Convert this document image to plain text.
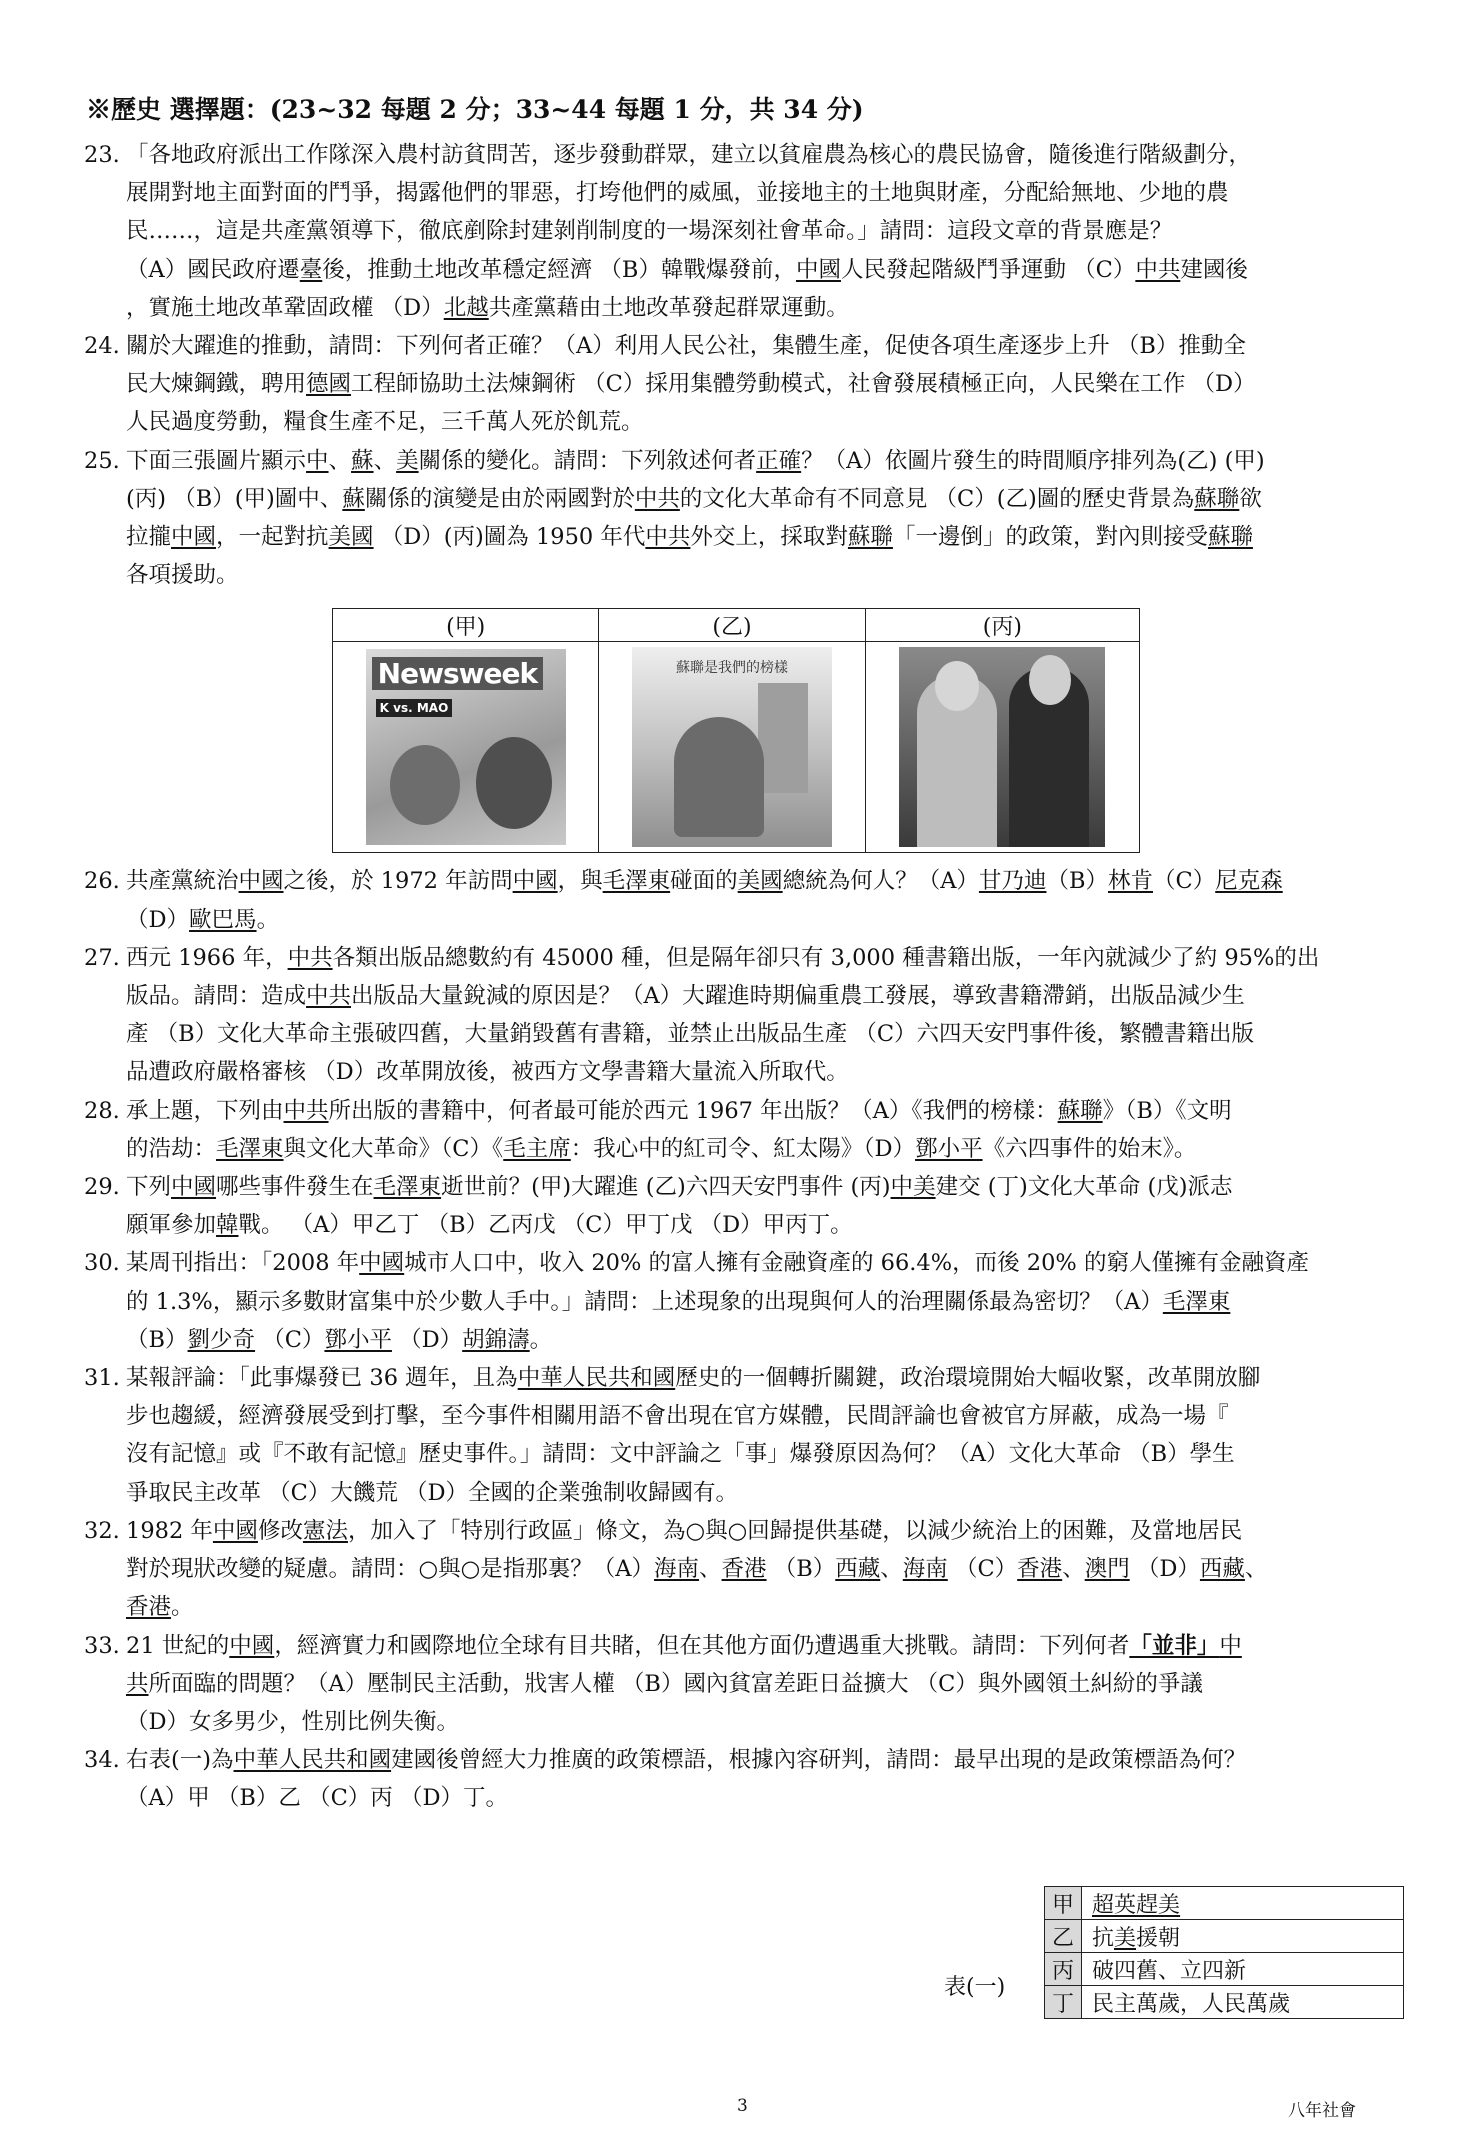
※歷史 選擇題：(23~32 每題 2 分；33~44 每題 1 分，共 34 分)
23. 「各地政府派出工作隊深入農村訪貧問苦，逐步發動群眾，建立以貧雇農為核心的農民協會，隨後進行階級劃分，

展開對地主面對面的鬥爭，揭露他們的罪惡，打垮他們的威風，並接地主的土地與財產，分配給無地、少地的農

民……，這是共產黨領導下，徹底剷除封建剝削制度的一場深刻社會革命。」請問：這段文章的背景應是？

（A）國民政府遷臺後，推動土地改革穩定經濟 （B）韓戰爆發前，中國人民發起階級鬥爭運動 （C）中共建國後

，實施土地改革鞏固政權 （D）北越共產黨藉由土地改革發起群眾運動。

24. 關於大躍進的推動，請問：下列何者正確？（A）利用人民公社，集體生產，促使各項生產逐步上升 （B）推動全

民大煉鋼鐵，聘用德國工程師協助土法煉鋼術 （C）採用集體勞動模式，社會發展積極正向，人民樂在工作 （D）

人民過度勞動，糧食生產不足，三千萬人死於飢荒。

25. 下面三張圖片顯示中、蘇、美關係的變化。請問：下列敘述何者正確？（A）依圖片發生的時間順序排列為(乙) (甲)

(丙) （B）(甲)圖中、蘇關係的演變是由於兩國對於中共的文化大革命有不同意見 （C）(乙)圖的歷史背景為蘇聯欲

拉攏中國，一起對抗美國 （D）(丙)圖為 1950 年代中共外交上，採取對蘇聯「一邊倒」的政策，對內則接受蘇聯

各項援助。

26. 共產黨統治中國之後，於 1972 年訪問中國，與毛澤東碰面的美國總統為何人？（A）甘乃迪（B）林肯（C）尼克森

（D）歐巴馬。

27. 西元 1966 年，中共各類出版品總數約有 45000 種，但是隔年卻只有 3,000 種書籍出版，一年內就減少了約 95%的出

版品。請問：造成中共出版品大量銳減的原因是？（A）大躍進時期偏重農工發展，導致書籍滯銷，出版品減少生

產 （B）文化大革命主張破四舊，大量銷毀舊有書籍，並禁止出版品生產 （C）六四天安門事件後，繁體書籍出版

品遭政府嚴格審核 （D）改革開放後，被西方文學書籍大量流入所取代。

28. 承上題，下列由中共所出版的書籍中，何者最可能於西元 1967 年出版？（A）《我們的榜樣：蘇聯》（B）《文明

的浩劫：毛澤東與文化大革命》（C）《毛主席：我心中的紅司令、紅太陽》（D）鄧小平《六四事件的始末》。

29. 下列中國哪些事件發生在毛澤東逝世前？(甲)大躍進 (乙)六四天安門事件 (丙)中美建交 (丁)文化大革命 (戊)派志

願軍參加韓戰。 （A）甲乙丁 （B）乙丙戊 （C）甲丁戊 （D）甲丙丁。

30. 某周刊指出：「2008 年中國城市人口中，收入 20% 的富人擁有金融資產的 66.4%，而後 20% 的窮人僅擁有金融資產

的 1.3%，顯示多數財富集中於少數人手中。」請問：上述現象的出現與何人的治理關係最為密切？（A）毛澤東

（B）劉少奇 （C）鄧小平 （D）胡錦濤。

31. 某報評論：「此事爆發已 36 週年，且為中華人民共和國歷史的一個轉折關鍵，政治環境開始大幅收緊，改革開放腳

步也趨緩，經濟發展受到打擊，至今事件相關用語不會出現在官方媒體，民間評論也會被官方屏蔽，成為一場『

沒有記憶』或『不敢有記憶』歷史事件。」請問：文中評論之「事」爆發原因為何？（A）文化大革命 （B）學生

爭取民主改革 （C）大饑荒 （D）全國的企業強制收歸國有。

32. 1982 年中國修改憲法，加入了「特別行政區」條文，為○與○回歸提供基礎，以減少統治上的困難，及當地居民

對於現狀改變的疑慮。請問：○與○是指那裏？（A）海南、香港 （B）西藏、海南 （C）香港、澳門 （D）西藏、

香港。

33. 21 世紀的中國，經濟實力和國際地位全球有目共睹，但在其他方面仍遭遇重大挑戰。請問：下列何者「並非」中

共所面臨的問題？（A）壓制民主活動，戕害人權 （B）國內貧富差距日益擴大 （C）與外國領土糾紛的爭議

（D）女多男少，性別比例失衡。

34. 右表(一)為中華人民共和國建國後曾經大力推廣的政策標語，根據內容研判，請問：最早出現的是政策標語為何？

（A）甲 （B）乙 （C）丙 （D）丁。

(甲)	(乙)	(丙)

Newsweek
K vs. MAO	蘇聯是我們的榜樣	

表(一)
甲	超英趕美
乙	抗美援朝
丙	破四舊、立四新
丁	民主萬歲，人民萬歲
3	八年社會
